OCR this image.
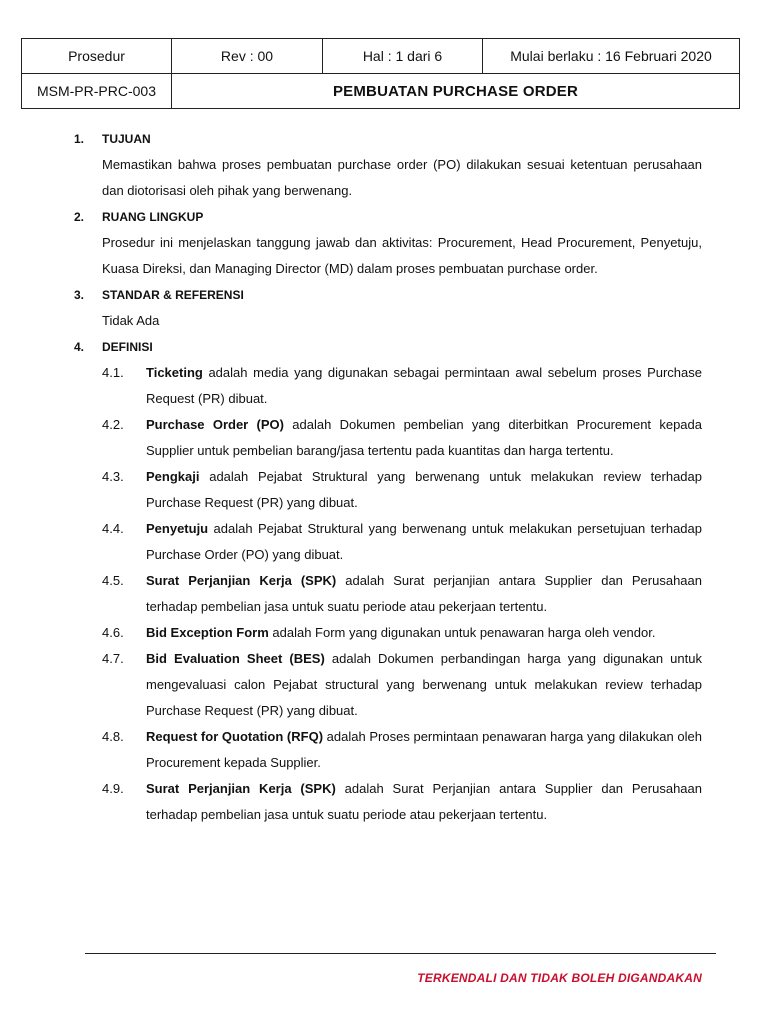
Prosedur	Rev : 00	Hal : 1 dari 6	Mulai berlaku : 16 Februari 2020
MSM-PR-PRC-003	PEMBUATAN PURCHASE ORDER		
1. TUJUAN
Memastikan bahwa proses pembuatan purchase order (PO) dilakukan sesuai ketentuan perusahaan dan diotorisasi oleh pihak yang berwenang.
2. RUANG LINGKUP
Prosedur ini menjelaskan tanggung jawab dan aktivitas: Procurement, Head Procurement, Penyetuju, Kuasa Direksi, dan Managing Director (MD) dalam proses pembuatan purchase order.
3. STANDAR & REFERENSI
Tidak Ada
4. DEFINISI
4.1. Ticketing adalah media yang digunakan sebagai permintaan awal sebelum proses Purchase Request (PR) dibuat.
4.2. Purchase Order (PO) adalah Dokumen pembelian yang diterbitkan Procurement kepada Supplier untuk pembelian barang/jasa tertentu pada kuantitas dan harga tertentu.
4.3. Pengkaji adalah Pejabat Struktural yang berwenang untuk melakukan review terhadap Purchase Request (PR) yang dibuat.
4.4. Penyetuju adalah Pejabat Struktural yang berwenang untuk melakukan persetujuan terhadap Purchase Order (PO) yang dibuat.
4.5. Surat Perjanjian Kerja (SPK) adalah Surat perjanjian antara Supplier dan Perusahaan terhadap pembelian jasa untuk suatu periode atau pekerjaan tertentu.
4.6. Bid Exception Form adalah Form yang digunakan untuk penawaran harga oleh vendor.
4.7. Bid Evaluation Sheet (BES) adalah Dokumen perbandingan harga yang digunakan untuk mengevaluasi calon Pejabat structural yang berwenang untuk melakukan review terhadap Purchase Request (PR) yang dibuat.
4.8. Request for Quotation (RFQ) adalah Proses permintaan penawaran harga yang dilakukan oleh Procurement kepada Supplier.
4.9. Surat Perjanjian Kerja (SPK) adalah Surat Perjanjian antara Supplier dan Perusahaan terhadap pembelian jasa untuk suatu periode atau pekerjaan tertentu.
TERKENDALI DAN TIDAK BOLEH DIGANDAKAN
